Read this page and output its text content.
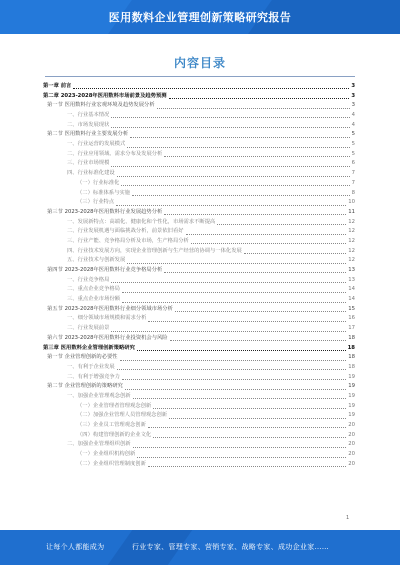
医用数料企业管理创新策略研究报告
内容目录
第一章 前言	3
第二章 2023-2028年医用数料市场前景及趋势预测	3
第一节 医用数料行业宏观环境及趋势发展分析	3
一、行业基本情况	4
二、市场发展现状	4
第二节 医用数料行业主要发展分析	5
一、行业运营的发展模式	5
二、行业应用领域、需求分布及发展分析	5
三、行业市场规模	6
四、行业标准化建设	7
（一）行业标准化	7
（二）标准体系与实施	8
（三）行业特点	10
第三节 2023-2028年医用数料行业发展趋势分析	11
一、发展新特点：高端化、健康化和个性化，市场需求不断提高	12
二、行业发展机遇与面临挑战分析，前景依旧看好	12
三、行业产能、竞争格局分析及市场，生产格局分析	12
四、行业技术发展方向，实现企业管理创新与生产经营的协调与一体化发展	12
五、行业技术与创新发展	12
第四节 2023-2028年医用数料行业竞争格局分析	13
一、行业竞争格局	13
二、重点企业竞争格局	14
三、重点企业市场份额	14
第五节 2023-2028年医用数料行业细分领域市场分析	15
一、细分领域市场规模和需求分析	16
二、行业发展前景	17
第六节 2023-2028年医用数料行业投资机会与风险	18
第三章 医用数料企业管理创新策略研究	18
第一节 企业管理创新的必要性	18
一、有利于企业发展	18
二、有利于增强竞争力	19
第二节 企业管理创新的策略研究	19
一、加强企业管理观念创新	19
（一）企业管理者管理观念创新	19
（二）加强企业管理人员管理观念创新	19
（三）企业员工管理观念创新	20
（四）构建管理创新的企业文化	20
二、加强企业管理组织创新	20
（一）企业组织机构创新	20
（二）企业组织管理制度创新	20
1
让每个人都能成为	行业专家、管理专家、营销专家、战略专家、成功企业家……
